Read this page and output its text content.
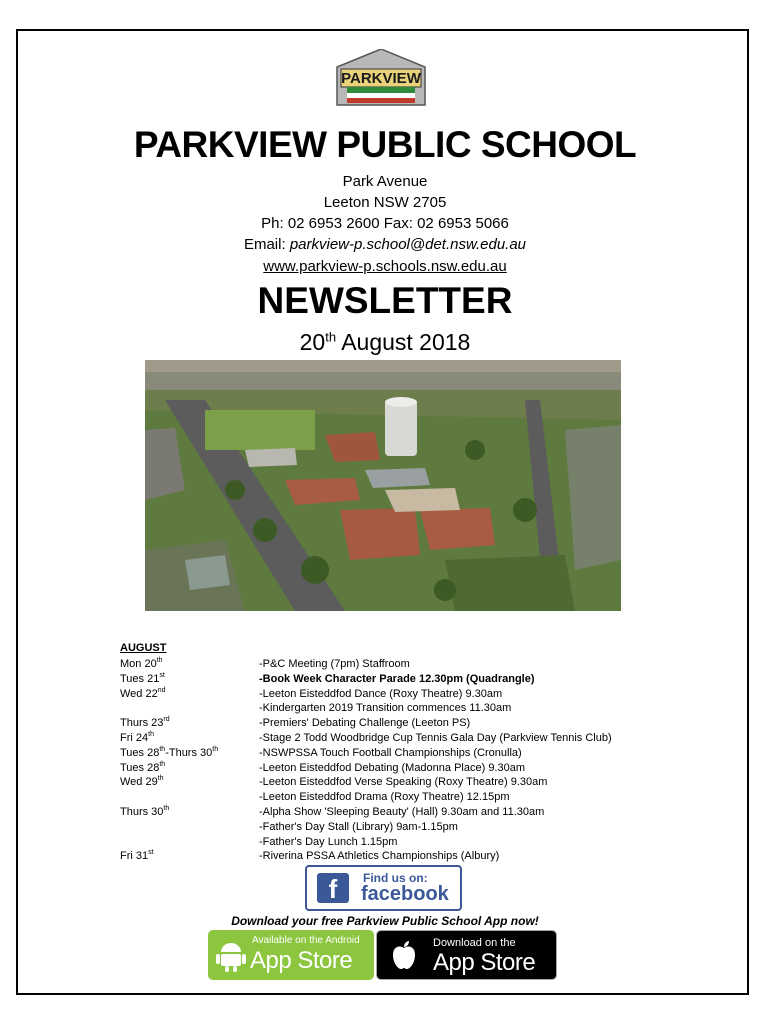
PARKVIEW
PARKVIEW PUBLIC SCHOOL
Park Avenue
Leeton NSW 2705
Ph: 02 6953 2600 Fax: 02 6953 5066
Email: parkview-p.school@det.nsw.edu.au
www.parkview-p.schools.nsw.edu.au
NEWSLETTER
20th August 2018
AUGUST
Mon 20th	-P&C Meeting (7pm) Staffroom
Tues 21st	-Book Week Character Parade 12.30pm (Quadrangle)
Wed 22nd	-Leeton Eisteddfod Dance (Roxy Theatre) 9.30am
-Kindergarten 2019 Transition commences 11.30am
Thurs 23rd	-Premiers' Debating Challenge (Leeton PS)
Fri 24th	-Stage 2 Todd Woodbridge Cup Tennis Gala Day (Parkview Tennis Club)
Tues 28th-Thurs 30th	-NSWPSSA Touch Football Championships (Cronulla)
Tues 28th	-Leeton Eisteddfod Debating (Madonna Place) 9.30am
Wed 29th	-Leeton Eisteddfod Verse Speaking (Roxy Theatre) 9.30am
-Leeton Eisteddfod Drama (Roxy Theatre) 12.15pm
Thurs 30th	-Alpha Show 'Sleeping Beauty' (Hall) 9.30am and 11.30am
-Father's Day Stall (Library) 9am-1.15pm
-Father's Day Lunch 1.15pm
Fri 31st	-Riverina PSSA Athletics Championships (Albury)
f	Find us on:
facebook
Download your free Parkview Public School App now!
Available on the Android
App Store
Download on the
App Store
